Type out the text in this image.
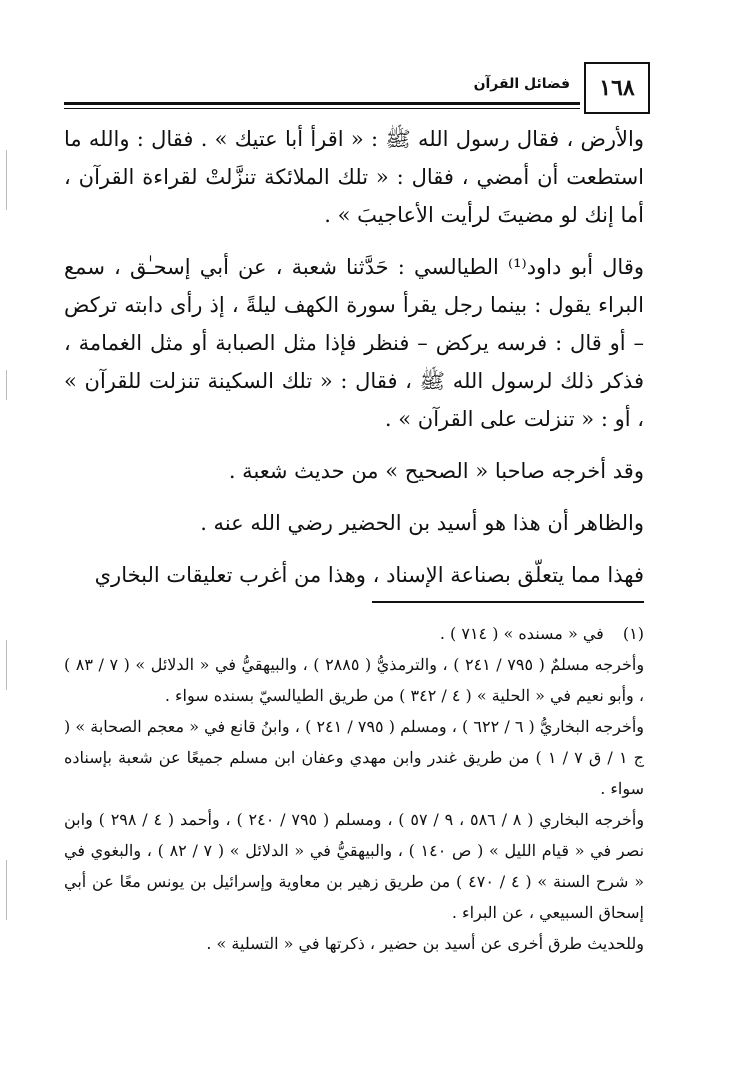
١٦٨
فضائل القرآن

والأرض ، فقال رسول الله ﷺ : « اقرأ أبا عتيك » . فقال : والله ما استطعت أن أمضي ، فقال : « تلك الملائكة تنزَّلتْ لقراءة القرآن ، أما إنك لو مضيتَ لرأيت الأعاجيبَ » .

وقال أبو داود⁽¹⁾ الطيالسي : حَدَّثنا شعبة ، عن أبي إسحـٰق ، سمع البراء يقول : بينما رجل يقرأ سورة الكهف ليلةً ، إذ رأى دابته تركض – أو قال : فرسه يركض – فنظر فإذا مثل الصبابة أو مثل الغمامة ، فذكر ذلك لرسول الله ﷺ ، فقال : « تلك السكينة تنزلت للقرآن » ، أو : « تنزلت على القرآن » .

وقد أخرجه صاحبا « الصحيح » من حديث شعبة .

والظاهر أن هذا هو أسيد بن الحضير رضي الله عنه .

فهذا مما يتعلّق بصناعة الإسناد ، وهذا من أغرب تعليقات البخاري

(١) في « مسنده » ( ٧١٤ ) .

وأخرجه مسلمٌ ( ٧٩٥ / ٢٤١ ) ، والترمذيُّ ( ٢٨٨٥ ) ، والبيهقيُّ في « الدلائل » ( ٧ / ٨٣ ) ، وأبو نعيم في « الحلية » ( ٤ / ٣٤٢ ) من طريق الطيالسيّ بسنده سواء .

وأخرجه البخاريُّ ( ٦ / ٦٢٢ ) ، ومسلم ( ٧٩٥ / ٢٤١ ) ، وابنُ قانع في « معجم الصحابة » ( ج ١ / ق ٧ / ١ ) من طريق غندر وابن مهدي وعفان ابن مسلم جميعًا عن شعبة بإسناده سواء .

وأخرجه البخاري ( ٨ / ٥٨٦ ، ٩ / ٥٧ ) ، ومسلم ( ٧٩٥ / ٢٤٠ ) ، وأحمد ( ٤ / ٢٩٨ ) وابن نصر في « قيام الليل » ( ص ١٤٠ ) ، والبيهقيُّ في « الدلائل » ( ٧ / ٨٢ ) ، والبغوي في « شرح السنة » ( ٤ / ٤٧٠ ) من طريق زهير بن معاوية وإسرائيل بن يونس معًا عن أبي إسحاق السبيعي ، عن البراء .

وللحديث طرق أخرى عن أسيد بن حضير ، ذكرتها في « التسلية » .
